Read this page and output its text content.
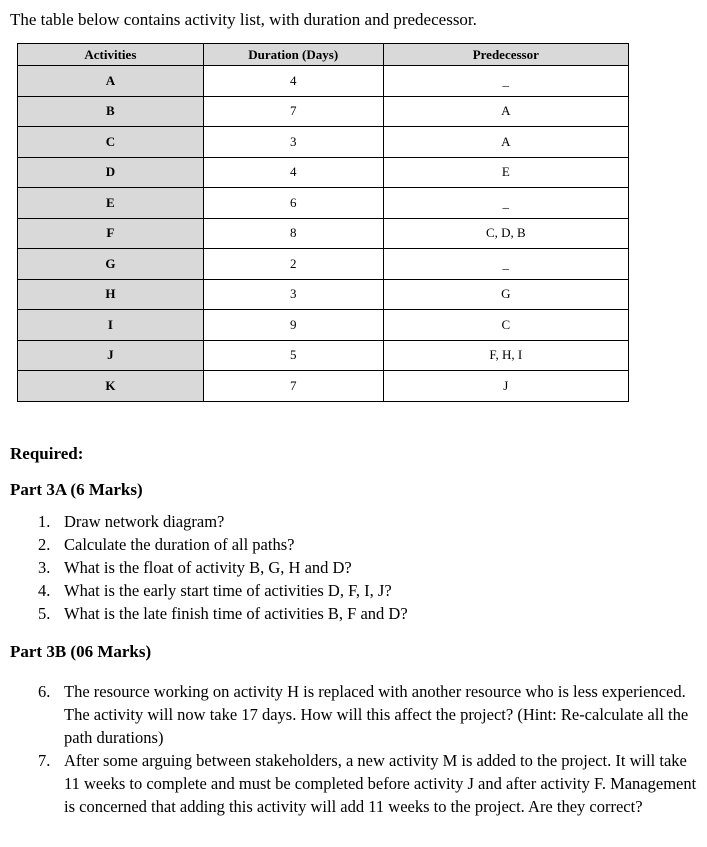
The table below contains activity list, with duration and predecessor.
Activities	Duration (Days)	Predecessor
A	4	_
B	7	A
C	3	A
D	4	E
E	6	_
F	8	C, D, B
G	2	_
H	3	G
I	9	C
J	5	F, H, I
K	7	J
Required:
Part 3A (6 Marks)
1. Draw network diagram?
2. Calculate the duration of all paths?
3. What is the float of activity B, G, H and D?
4. What is the early start time of activities D, F, I, J?
5. What is the late finish time of activities B, F and D?
Part 3B (06 Marks)
6. The resource working on activity H is replaced with another resource who is less experienced. The activity will now take 17 days. How will this affect the project? (Hint: Re-calculate all the path durations)
7. After some arguing between stakeholders, a new activity M is added to the project. It will take 11 weeks to complete and must be completed before activity J and after activity F. Management is concerned that adding this activity will add 11 weeks to the project. Are they correct?
